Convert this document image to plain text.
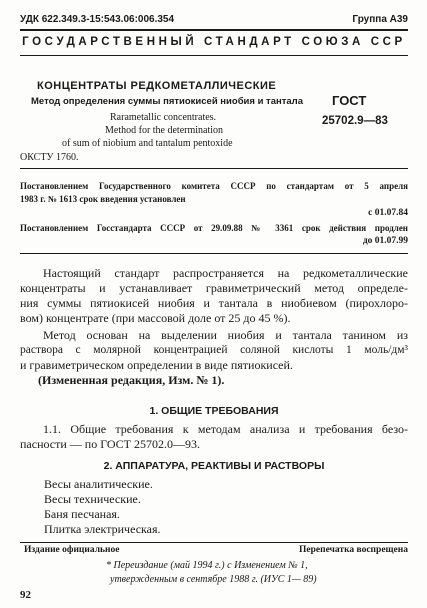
УДК 622.349.3-15:543.06:006.354	Группа А39
ГОСУДАРСТВЕННЫЙ СТАНДАРТ СОЮЗА ССР
КОНЦЕНТРАТЫ РЕДКОМЕТАЛЛИЧЕСКИЕ
Метод определения суммы пятиокисей ниобия и тантала
Rarametallic concentrates.
Method for the determination
of sum of niobium and tantalum pentoxide
ГОСТ
25702.9—83
ОКСТУ 1760.
Постановлением Государственного комитета СССР по стандартам от 5 апреля
1983 г. № 1613 срок введения установлен
с 01.07.84
Постановлением Госстандарта СССР от 29.09.88 № 3361 срок действия продлен
до 01.07.99
Настоящий стандарт распространяется на редкометаллические
концентраты и устанавливает гравиметрический метод определе-
ния суммы пятиокисей ниобия и тантала в ниобиевом (пирохлоро-
вом) концентрате (при массовой доле от 25 до 45 %).
Метод основан на выделении ниобия и тантала танином из
раствора с молярной концентрацией соляной кислоты 1 моль/дм³
и гравиметрическом определении в виде пятиокисей.
(Измененная редакция, Изм. № 1).
1. ОБЩИЕ ТРЕБОВАНИЯ
1.1. Общие требования к методам анализа и требования безо-
пасности — по ГОСТ 25702.0—93.
2. АППАРАТУРА, РЕАКТИВЫ И РАСТВОРЫ
Весы аналитические.
Весы технические.
Баня песчаная.
Плитка электрическая.
Издание официальное	Перепечатка воспрещена
* Переиздание (май 1994 г.) с Изменением № 1,
утвержденным в сентябре 1988 г. (ИУС 1— 89)
92
